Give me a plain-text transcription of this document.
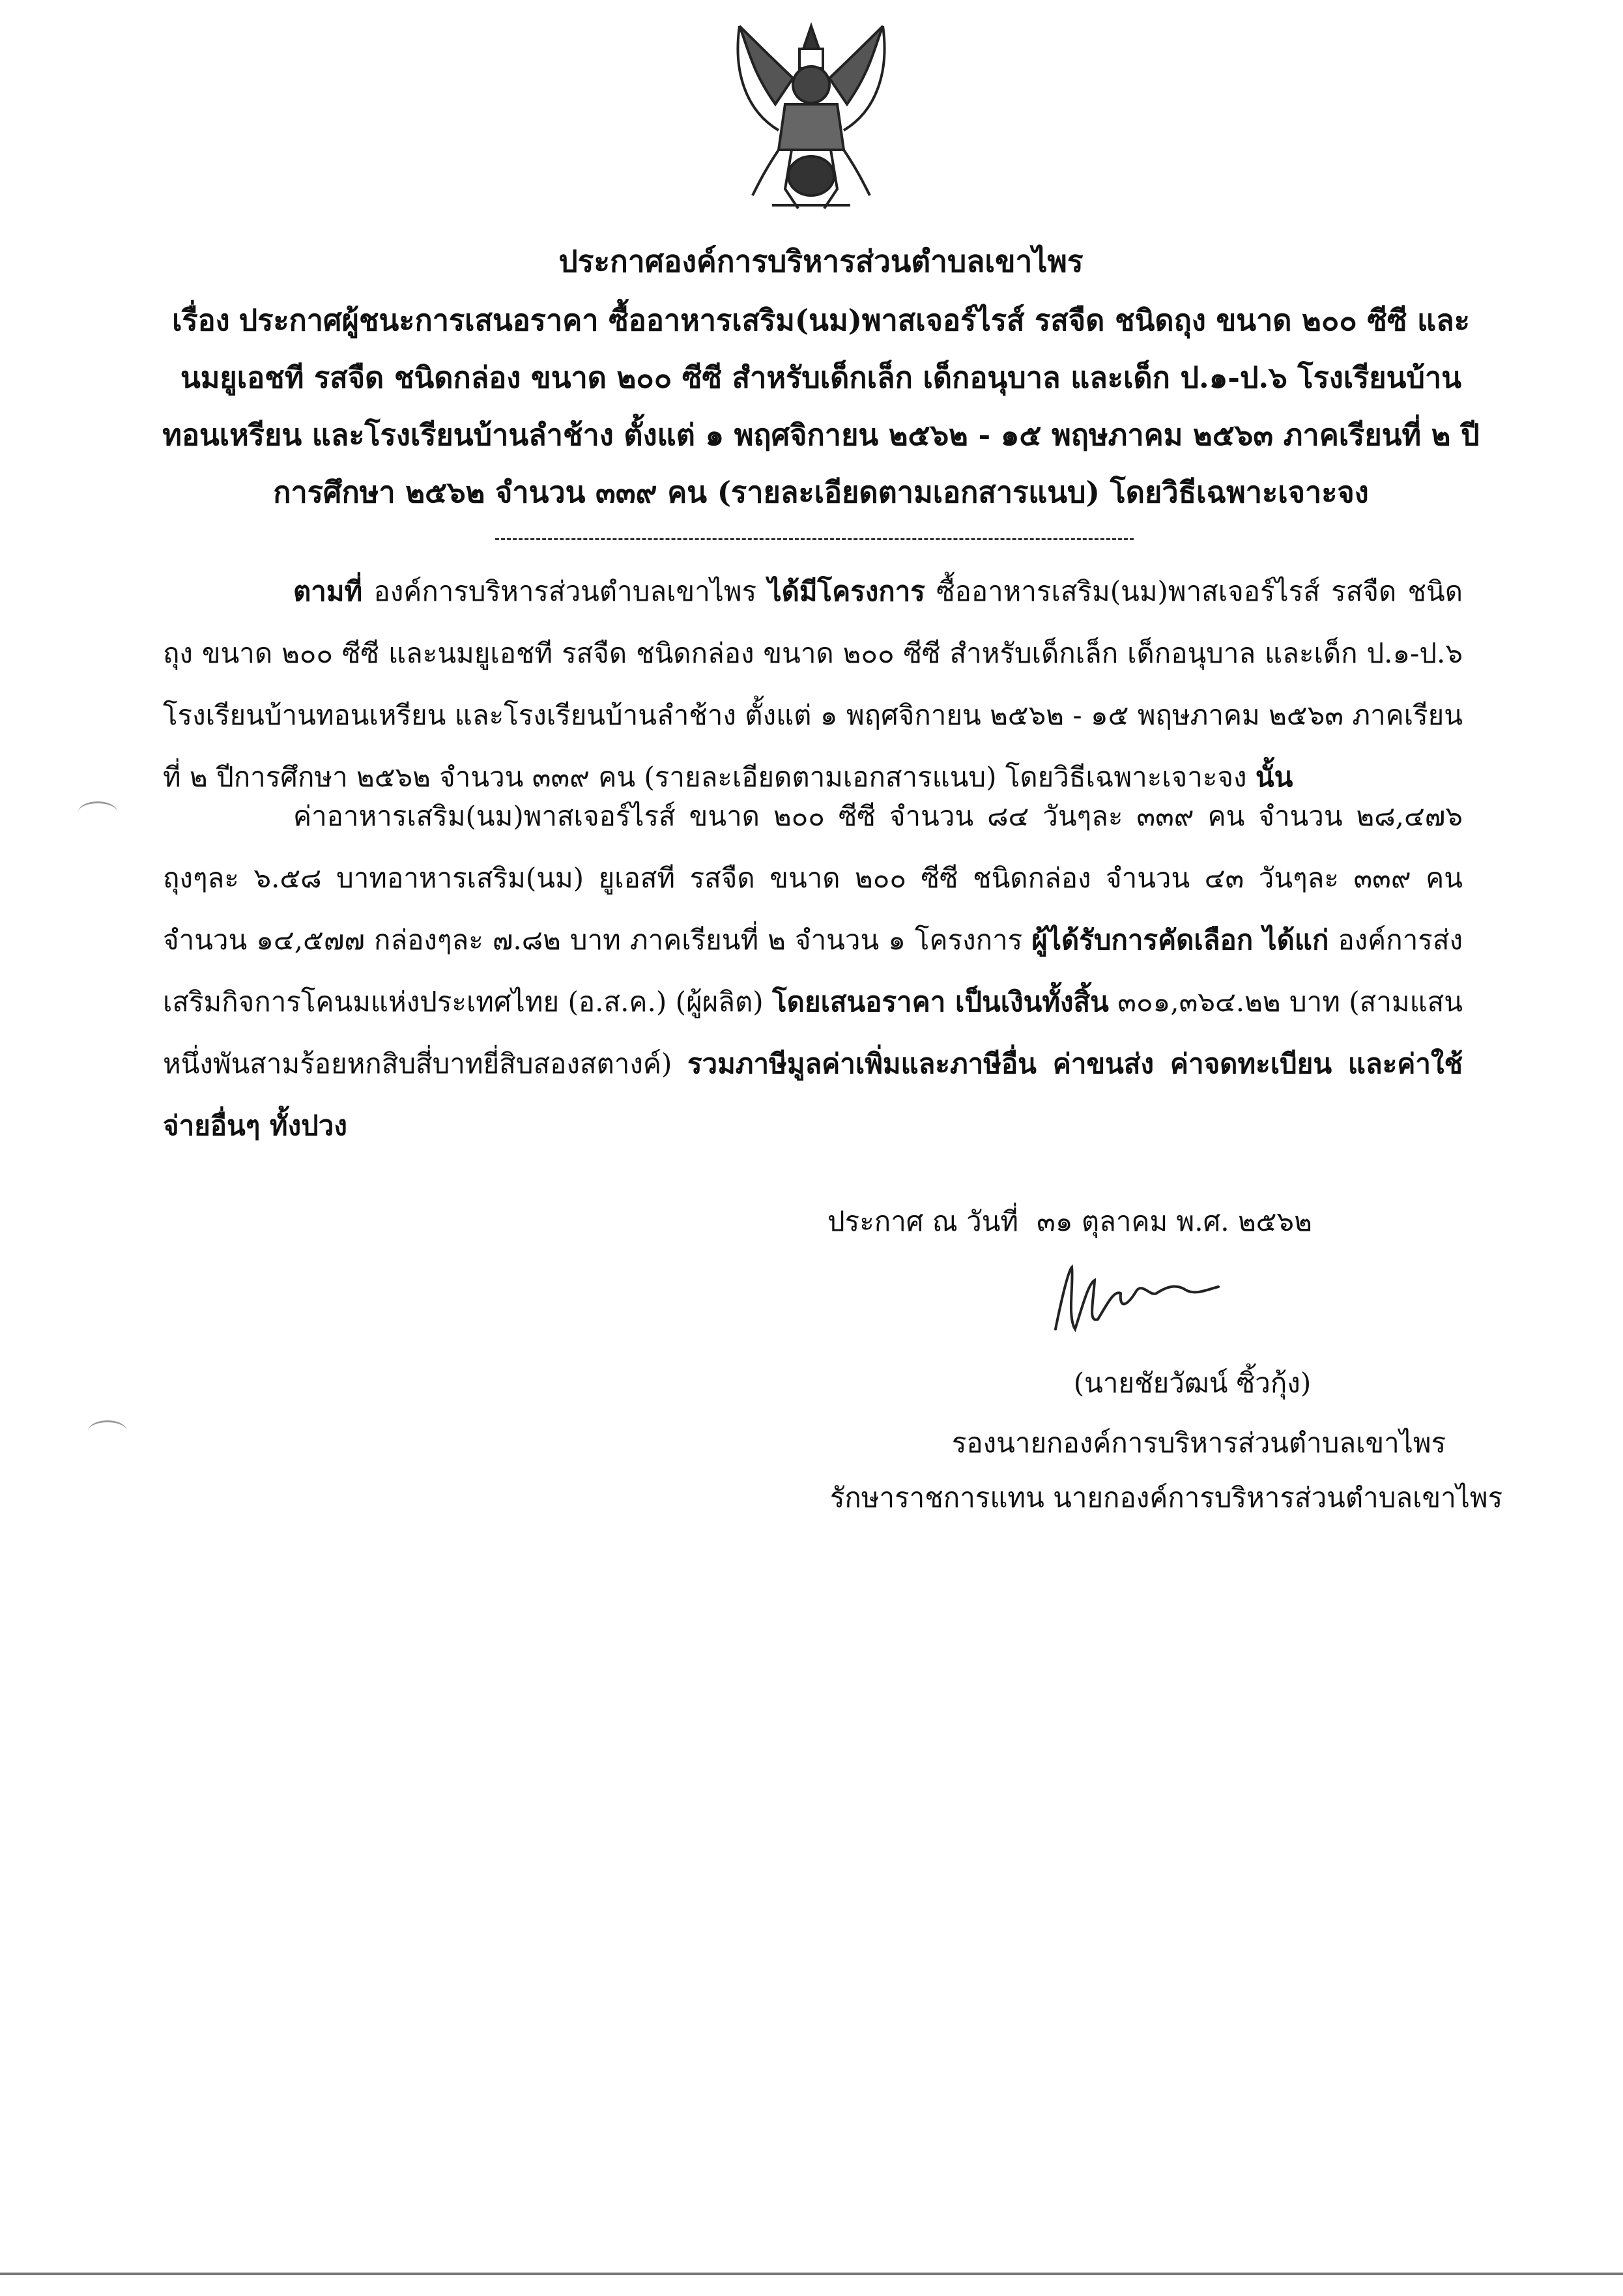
ประกาศองค์การบริหารส่วนตำบลเขาไพร
เรื่อง ประกาศผู้ชนะการเสนอราคา ซื้ออาหารเสริม(นม)พาสเจอร์ไรส์ รสจืด ชนิดถุง ขนาด ๒๐๐ ซีซี และนมยูเอชที รสจืด ชนิดกล่อง ขนาด ๒๐๐ ซีซี สำหรับเด็กเล็ก เด็กอนุบาล และเด็ก ป.๑-ป.๖ โรงเรียนบ้านทอนเหรียน และโรงเรียนบ้านลำช้าง ตั้งแต่ ๑ พฤศจิกายน ๒๕๖๒ - ๑๕ พฤษภาคม ๒๕๖๓ ภาคเรียนที่ ๒ ปีการศึกษา ๒๕๖๒ จำนวน ๓๓๙ คน (รายละเอียดตามเอกสารแนบ) โดยวิธีเฉพาะเจาะจง
ตามที่ องค์การบริหารส่วนตำบลเขาไพร ได้มีโครงการ ซื้ออาหารเสริม(นม)พาสเจอร์ไรส์ รสจืด ชนิดถุง ขนาด ๒๐๐ ซีซี และนมยูเอชที รสจืด ชนิดกล่อง ขนาด ๒๐๐ ซีซี สำหรับเด็กเล็ก เด็กอนุบาล และเด็ก ป.๑-ป.๖ โรงเรียนบ้านทอนเหรียน และโรงเรียนบ้านลำช้าง ตั้งแต่ ๑ พฤศจิกายน ๒๕๖๒ - ๑๕ พฤษภาคม ๒๕๖๓ ภาคเรียนที่ ๒ ปีการศึกษา ๒๕๖๒ จำนวน ๓๓๙ คน (รายละเอียดตามเอกสารแนบ) โดยวิธีเฉพาะเจาะจง นั้น
ค่าอาหารเสริม(นม)พาสเจอร์ไรส์ ขนาด ๒๐๐ ซีซี จำนวน ๘๔ วันๆละ ๓๓๙ คน จำนวน ๒๘,๔๗๖ ถุงๆละ ๖.๕๘ บาทอาหารเสริม(นม) ยูเอสที รสจืด ขนาด ๒๐๐ ซีซี ชนิดกล่อง จำนวน ๔๓ วันๆละ ๓๓๙ คน จำนวน ๑๔,๕๗๗ กล่องๆละ ๗.๘๒ บาท ภาคเรียนที่ ๒ จำนวน ๑ โครงการ ผู้ได้รับการคัดเลือก ได้แก่ องค์การส่งเสริมกิจการโคนมแห่งประเทศไทย (อ.ส.ค.) (ผู้ผลิต) โดยเสนอราคา เป็นเงินทั้งสิ้น ๓๐๑,๓๖๔.๒๒ บาท (สามแสนหนึ่งพันสามร้อยหกสิบสี่บาทยี่สิบสองสตางค์) รวมภาษีมูลค่าเพิ่มและภาษีอื่น ค่าขนส่ง ค่าจดทะเบียน และค่าใช้จ่ายอื่นๆ ทั้งปวง
ประกาศ ณ วันที่ ๓๑ ตุลาคม พ.ศ. ๒๕๖๒
(นายชัยวัฒน์ ซิ้วกุ้ง)
รองนายกองค์การบริหารส่วนตำบลเขาไพร
รักษาราชการแทน นายกองค์การบริหารส่วนตำบลเขาไพร
